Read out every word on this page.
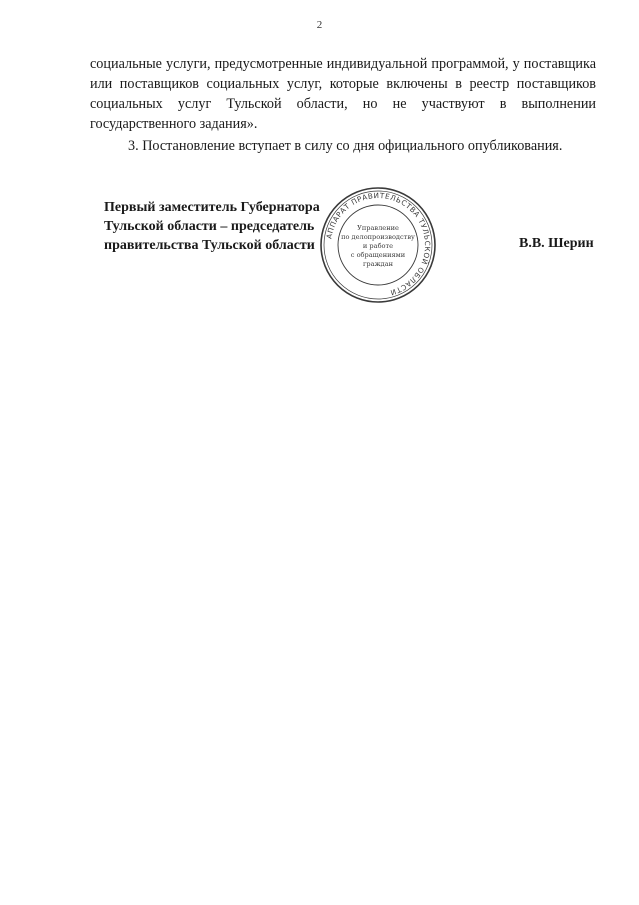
2

социальные услуги, предусмотренные индивидуальной программой, у поставщика или поставщиков социальных услуг, которые включены в реестр поставщиков социальных услуг Тульской области, но не участвуют в выполнении государственного задания».

3. Постановление вступает в силу со дня официального опубликования.

Первый заместитель Губернатора
Тульской области – председатель
правительства Тульской области	В.В. Шерин
АППАРАТ ПРАВИТЕЛЬСТВА ТУЛЬСКОЙ ОБЛАСТИ
Управление
по делопроизводству
и работе
с обращениями
граждан
